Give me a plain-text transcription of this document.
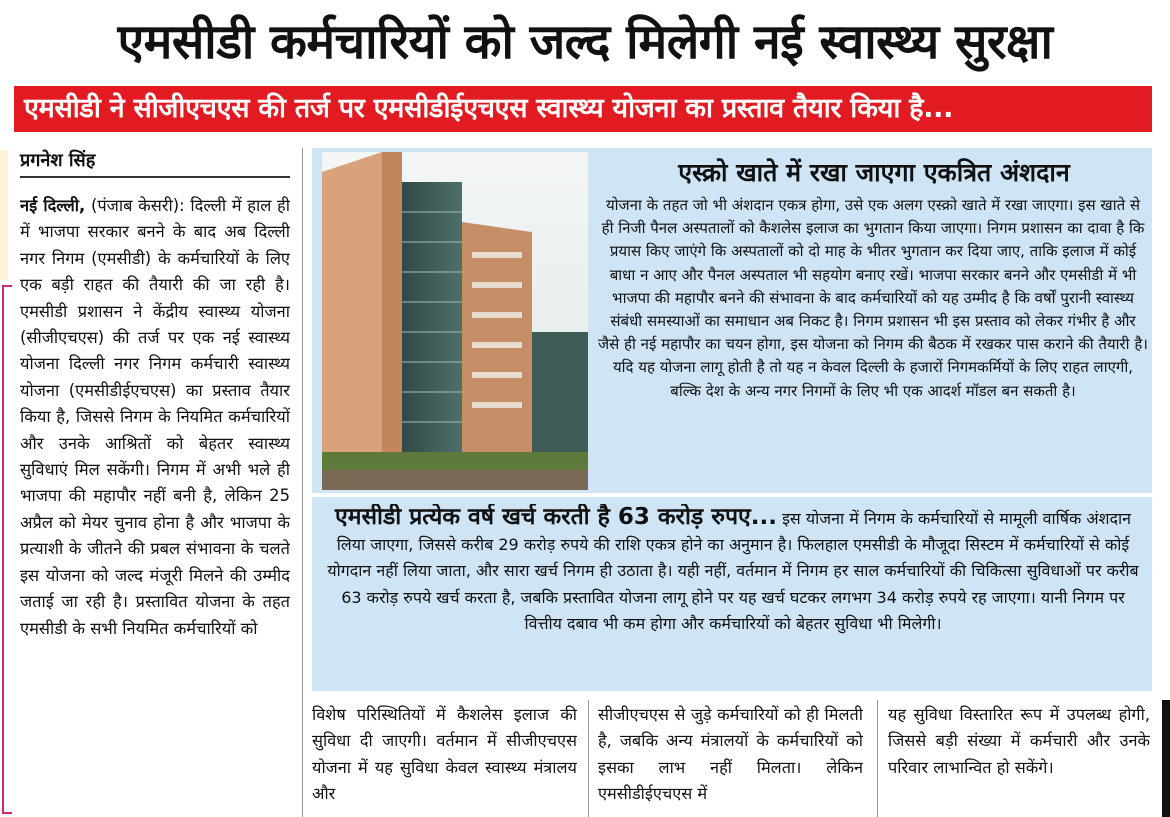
एमसीडी कर्मचारियों को जल्द मिलेगी नई स्वास्थ्य सुरक्षा
एमसीडी ने सीजीएचएस की तर्ज पर एमसीडीईएचएस स्वास्थ्य योजना का प्रस्ताव तैयार किया है...
प्रगनेश सिंह
नई दिल्ली, (पंजाब केसरी): दिल्ली में हाल ही में भाजपा सरकार बनने के बाद अब दिल्ली नगर निगम (एमसीडी) के कर्मचारियों के लिए एक बड़ी राहत की तैयारी की जा रही है। एमसीडी प्रशासन ने केंद्रीय स्वास्थ्य योजना (सीजीएचएस) की तर्ज पर एक नई स्वास्थ्य योजना दिल्ली नगर निगम कर्मचारी स्वास्थ्य योजना (एमसीडीईएचएस) का प्रस्ताव तैयार किया है, जिससे निगम के नियमित कर्मचारियों और उनके आश्रितों को बेहतर स्वास्थ्य सुविधाएं मिल सकेंगी। निगम में अभी भले ही भाजपा की महापौर नहीं बनी है, लेकिन 25 अप्रैल को मेयर चुनाव होना है और भाजपा के प्रत्याशी के जीतने की प्रबल संभावना के चलते इस योजना को जल्द मंजूरी मिलने की उम्मीद जताई जा रही है। प्रस्तावित योजना के तहत एमसीडी के सभी नियमित कर्मचारियों को
एस्क्रो खाते में रखा जाएगा एकत्रित अंशदान
योजना के तहत जो भी अंशदान एकत्र होगा, उसे एक अलग एस्क्रो खाते में रखा जाएगा। इस खाते से ही निजी पैनल अस्पतालों को कैशलेस इलाज का भुगतान किया जाएगा। निगम प्रशासन का दावा है कि प्रयास किए जाएंगे कि अस्पतालों को दो माह के भीतर भुगतान कर दिया जाए, ताकि इलाज में कोई बाधा न आए और पैनल अस्पताल भी सहयोग बनाए रखें। भाजपा सरकार बनने और एमसीडी में भी भाजपा की महापौर बनने की संभावना के बाद कर्मचारियों को यह उम्मीद है कि वर्षों पुरानी स्वास्थ्य संबंधी समस्याओं का समाधान अब निकट है। निगम प्रशासन भी इस प्रस्ताव को लेकर गंभीर है और जैसे ही नई महापौर का चयन होगा, इस योजना को निगम की बैठक में रखकर पास कराने की तैयारी है। यदि यह योजना लागू होती है तो यह न केवल दिल्ली के हजारों निगमकर्मियों के लिए राहत लाएगी, बल्कि देश के अन्य नगर निगमों के लिए भी एक आदर्श मॉडल बन सकती है।
एमसीडी प्रत्येक वर्ष खर्च करती है 63 करोड़ रुपए... इस योजना में निगम के कर्मचारियों से मामूली वार्षिक अंशदान लिया जाएगा, जिससे करीब 29 करोड़ रुपये की राशि एकत्र होने का अनुमान है। फिलहाल एमसीडी के मौजूदा सिस्टम में कर्मचारियों से कोई योगदान नहीं लिया जाता, और सारा खर्च निगम ही उठाता है। यही नहीं, वर्तमान में निगम हर साल कर्मचारियों की चिकित्सा सुविधाओं पर करीब 63 करोड़ रुपये खर्च करता है, जबकि प्रस्तावित योजना लागू होने पर यह खर्च घटकर लगभग 34 करोड़ रुपये रह जाएगा। यानी निगम पर वित्तीय दबाव भी कम होगा और कर्मचारियों को बेहतर सुविधा भी मिलेगी।
विशेष परिस्थितियों में कैशलेस इलाज की सुविधा दी जाएगी। वर्तमान में सीजीएचएस योजना में यह सुविधा केवल स्वास्थ्य मंत्रालय और
सीजीएचएस से जुड़े कर्मचारियों को ही मिलती है, जबकि अन्य मंत्रालयों के कर्मचारियों को इसका लाभ नहीं मिलता। लेकिन एमसीडीईएचएस में
यह सुविधा विस्तारित रूप में उपलब्ध होगी, जिससे बड़ी संख्या में कर्मचारी और उनके परिवार लाभान्वित हो सकेंगे।
